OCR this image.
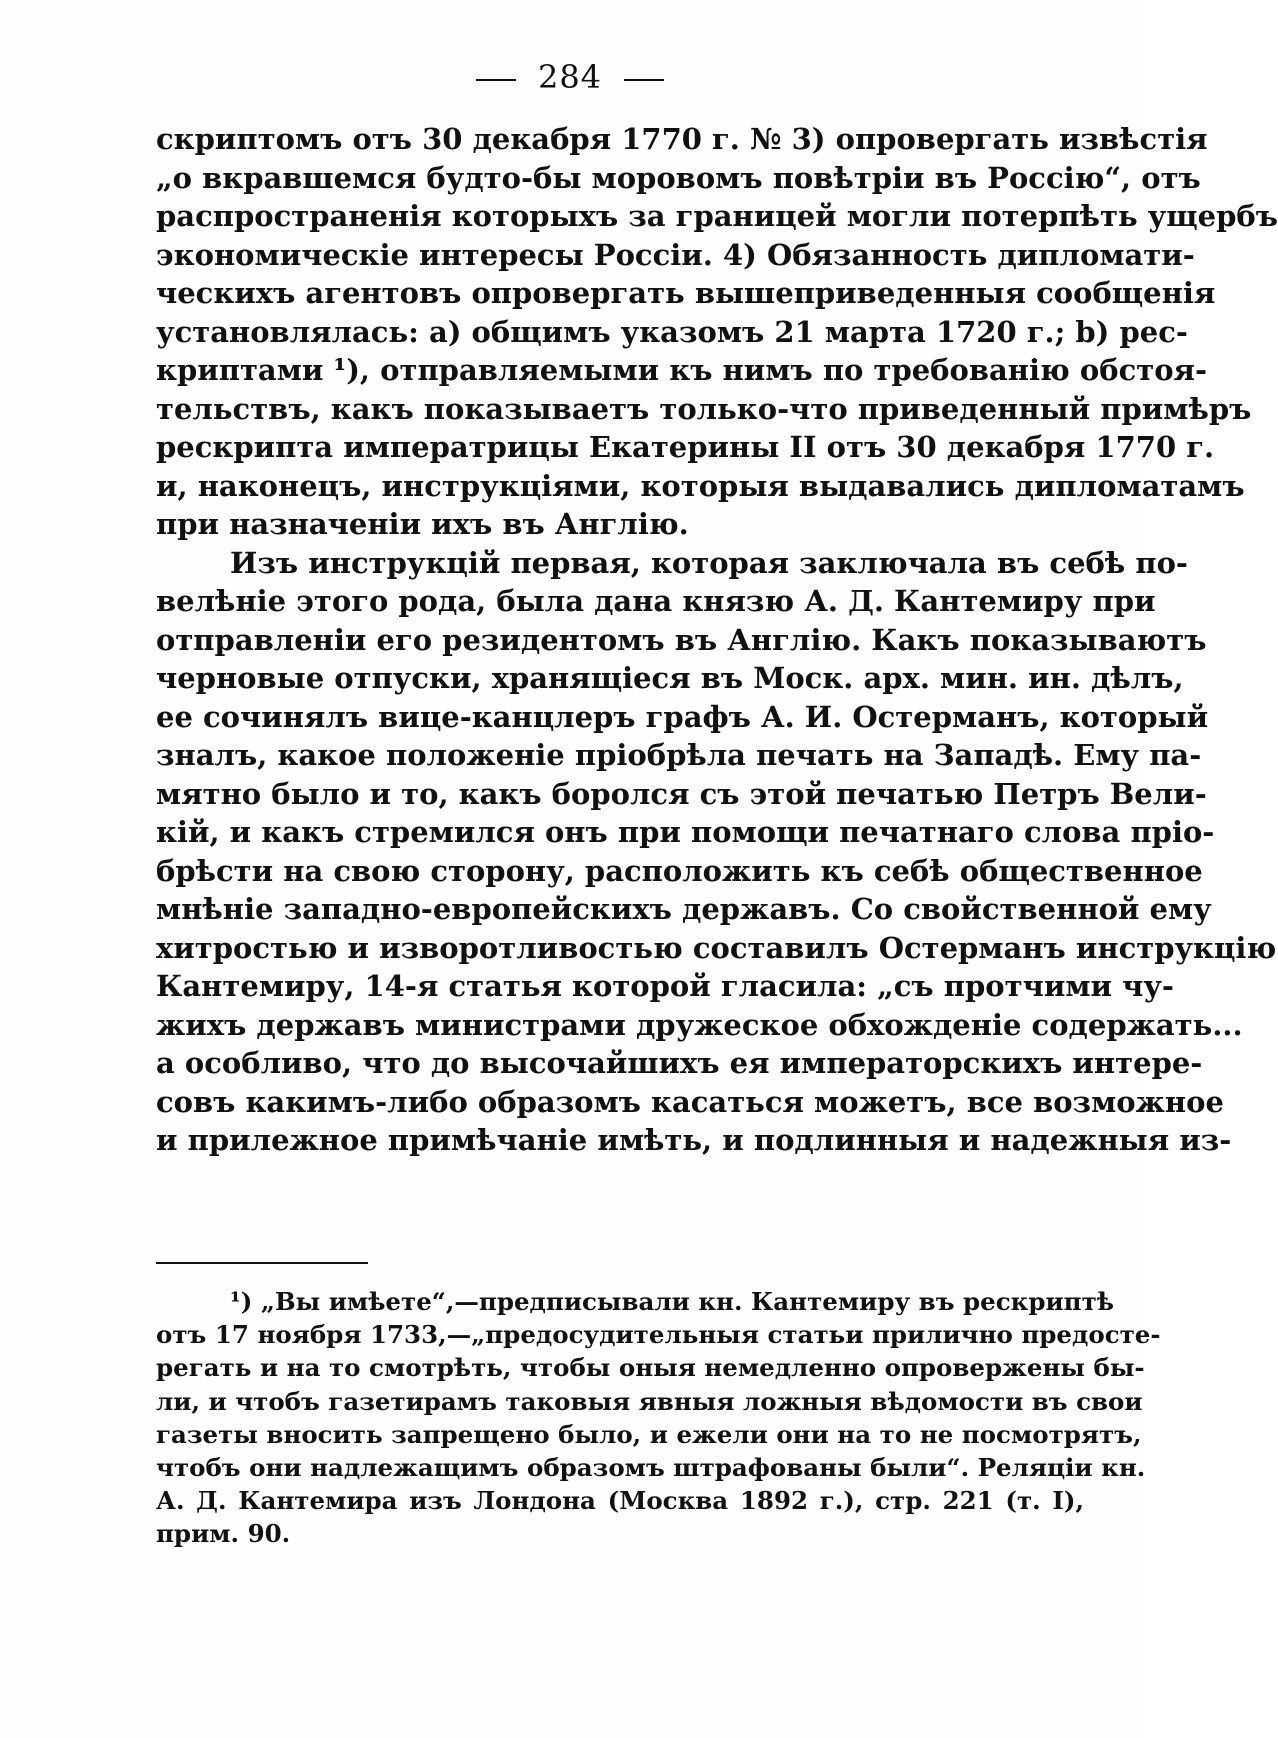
284
скриптомъ отъ 30 декабря 1770 г. № 3) опровергать извѣстія
„о вкравшемся будто-бы моровомъ повѣтріи въ Россію“, отъ
распространенія которыхъ за границей могли потерпѣть ущербъ
экономическіе интересы Россіи. 4) Обязанность дипломати-
ческихъ агентовъ опровергать вышеприведенныя сообщенія
установлялась: a) общимъ указомъ 21 марта 1720 г.; b) рес-
криптами ¹), отправляемыми къ нимъ по требованію обстоя-
тельствъ, какъ показываетъ только-что приведенный примѣръ
рескрипта императрицы Екатерины II отъ 30 декабря 1770 г.
и, наконецъ, инструкціями, которыя выдавались дипломатамъ
при назначеніи ихъ въ Англію.
Изъ инструкцій первая, которая заключала въ себѣ по-
велѣніе этого рода, была дана князю А. Д. Кантемиру при
отправленіи его резидентомъ въ Англію. Какъ показываютъ
черновые отпуски, хранящіеся въ Моск. арх. мин. ин. дѣлъ,
ее сочинялъ вице-канцлеръ графъ А. И. Остерманъ, который
зналъ, какое положеніе пріобрѣла печать на Западѣ. Ему па-
мятно было и то, какъ боролся съ этой печатью Петръ Вели-
кій, и какъ стремился онъ при помощи печатнаго слова пріо-
брѣсти на свою сторону, расположить къ себѣ общественное
мнѣніе западно-европейскихъ державъ. Со свойственной ему
хитростью и изворотливостью составилъ Остерманъ инструкцію
Кантемиру, 14-я статья которой гласила: „съ протчими чу-
жихъ державъ министрами дружеское обхожденіе содержать...
а особливо, что до высочайшихъ ея императорскихъ интере-
совъ какимъ-либо образомъ касаться можетъ, все возможное
и прилежное примѣчаніе имѣть, и подлинныя и надежныя из-
¹) „Вы имѣете“,—предписывали кн. Кантемиру въ рескриптѣ
отъ 17 ноября 1733,—„предосудительныя статьи прилично предосте-
регать и на то смотрѣть, чтобы оныя немедленно опровержены бы-
ли, и чтобъ газетирамъ таковыя явныя ложныя вѣдомости въ свои
газеты вносить запрещено было, и ежели они на то не посмотрятъ,
чтобъ они надлежащимъ образомъ штрафованы были“. Реляціи кн.
А. Д. Кантемира изъ Лондона (Москва 1892 г.), стр. 221 (т. I),
прим. 90.
